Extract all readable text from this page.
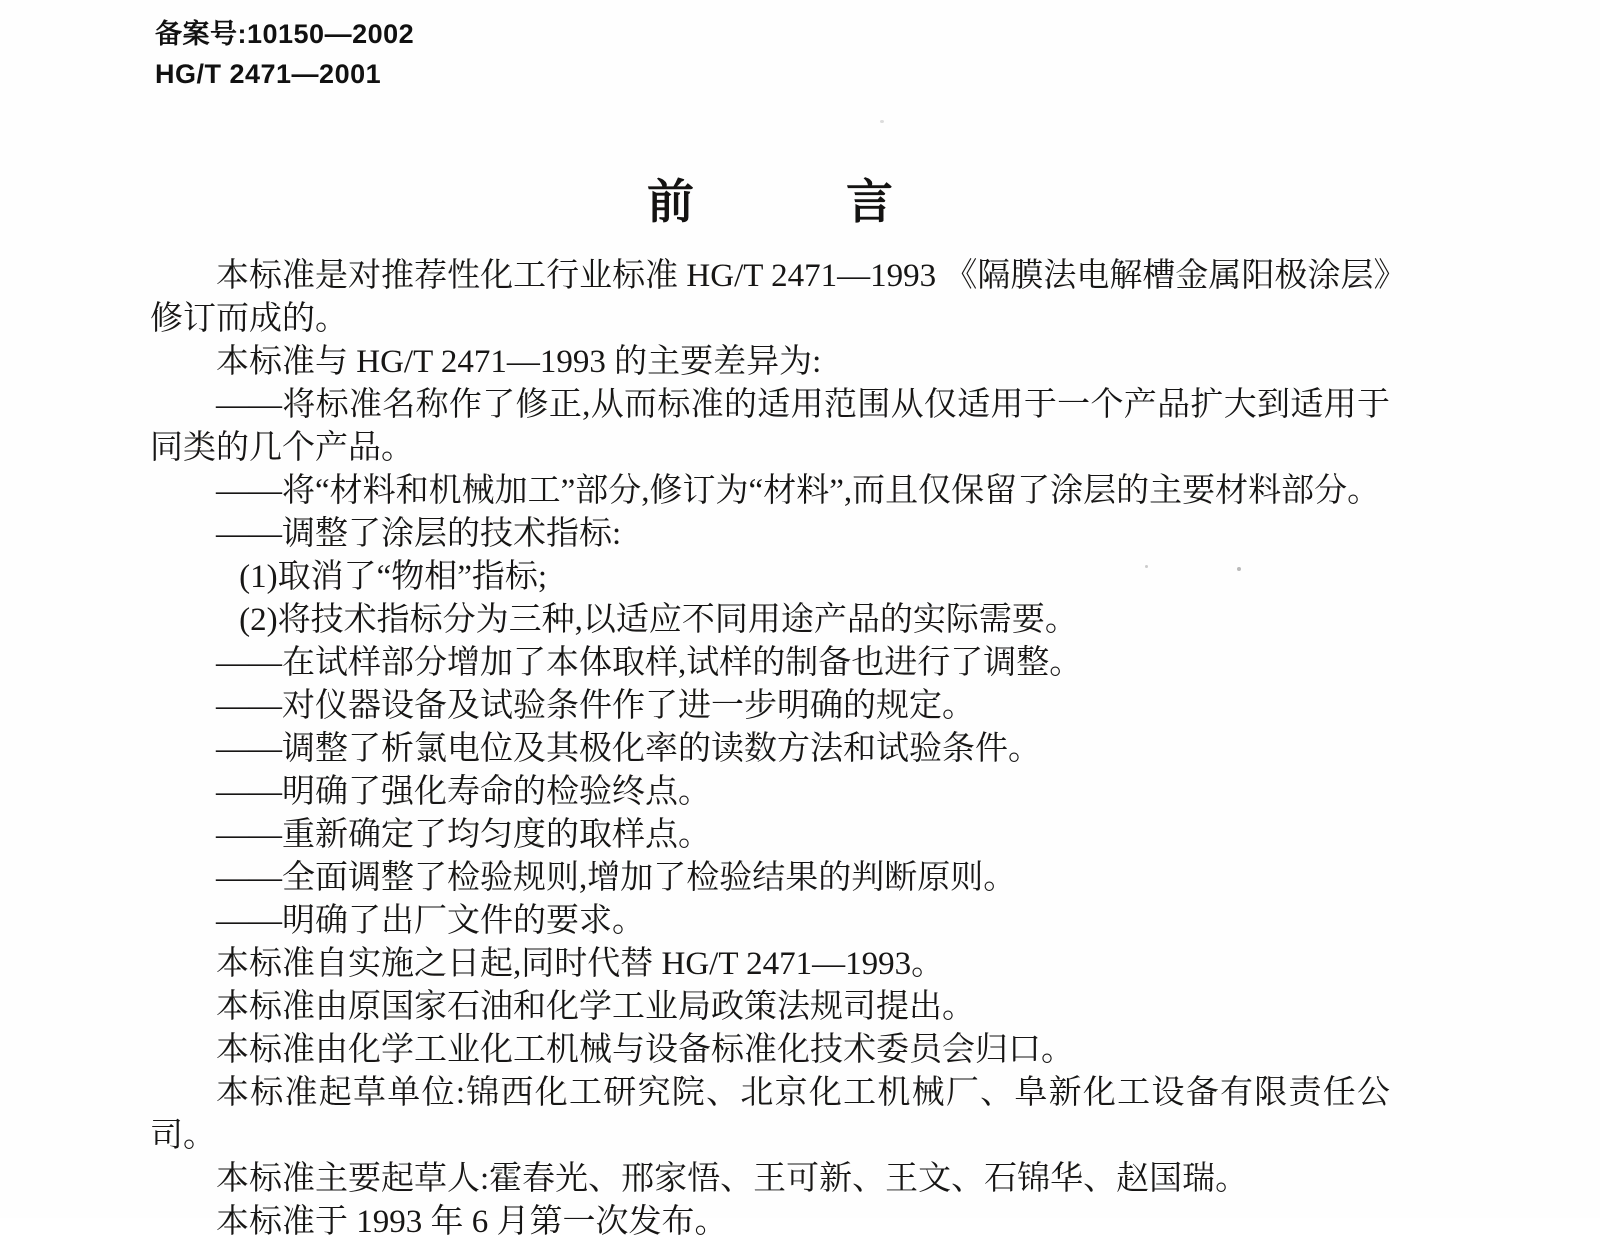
备案号:10150—2002
HG/T 2471—2001
前	言

本标准是对推荐性化工行业标准 HG/T 2471—1993 《隔膜法电解槽金属阳极涂层》修订而成的。

本标准与 HG/T 2471—1993 的主要差异为:

——将标准名称作了修正,从而标准的适用范围从仅适用于一个产品扩大到适用于同类的几个产品。

——将“材料和机械加工”部分,修订为“材料”,而且仅保留了涂层的主要材料部分。

——调整了涂层的技术指标:

(1)取消了“物相”指标;

(2)将技术指标分为三种,以适应不同用途产品的实际需要。

——在试样部分增加了本体取样,试样的制备也进行了调整。

——对仪器设备及试验条件作了进一步明确的规定。

——调整了析氯电位及其极化率的读数方法和试验条件。

——明确了强化寿命的检验终点。

——重新确定了均匀度的取样点。

——全面调整了检验规则,增加了检验结果的判断原则。

——明确了出厂文件的要求。

本标准自实施之日起,同时代替 HG/T 2471—1993。

本标准由原国家石油和化学工业局政策法规司提出。

本标准由化学工业化工机械与设备标准化技术委员会归口。

本标准起草单位:锦西化工研究院、北京化工机械厂、阜新化工设备有限责任公司。

本标准主要起草人:霍春光、邢家悟、王可新、王文、石锦华、赵国瑞。

本标准于 1993 年 6 月第一次发布。
